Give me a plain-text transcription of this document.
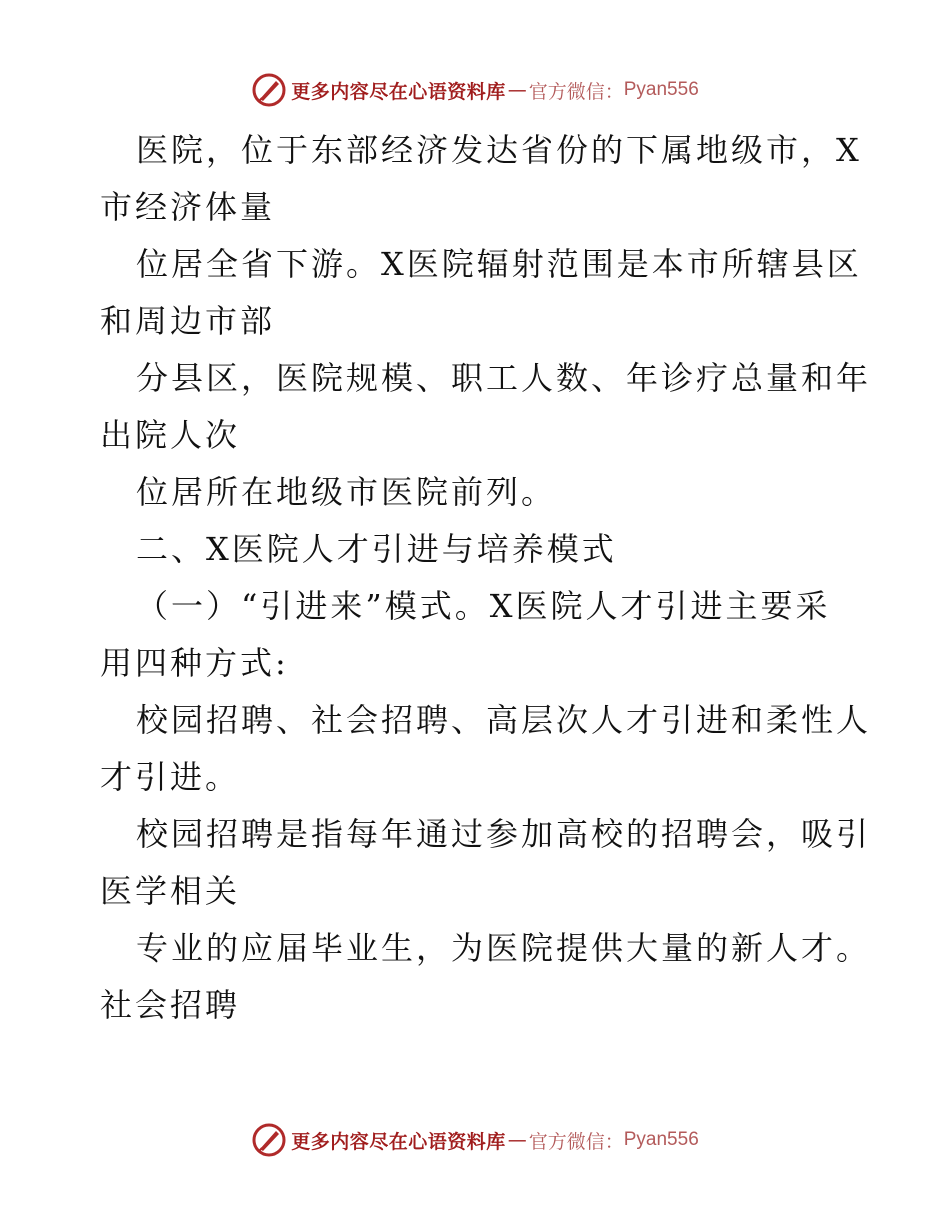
更多内容尽在心语资料库 — 官方微信： Pyan556

医院，位于东部经济发达省份的下属地级市，X

市经济体量

位居全省下游。X医院辐射范围是本市所辖县区

和周边市部

分县区，医院规模、职工人数、年诊疗总量和年

出院人次

位居所在地级市医院前列。

二、X医院人才引进与培养模式

（一）“引进来”模式。X医院人才引进主要采

用四种方式:

校园招聘、社会招聘、高层次人才引进和柔性人

才引进。

校园招聘是指每年通过参加高校的招聘会，吸引

医学相关

专业的应届毕业生，为医院提供大量的新人才。

社会招聘

更多内容尽在心语资料库 — 官方微信： Pyan556
